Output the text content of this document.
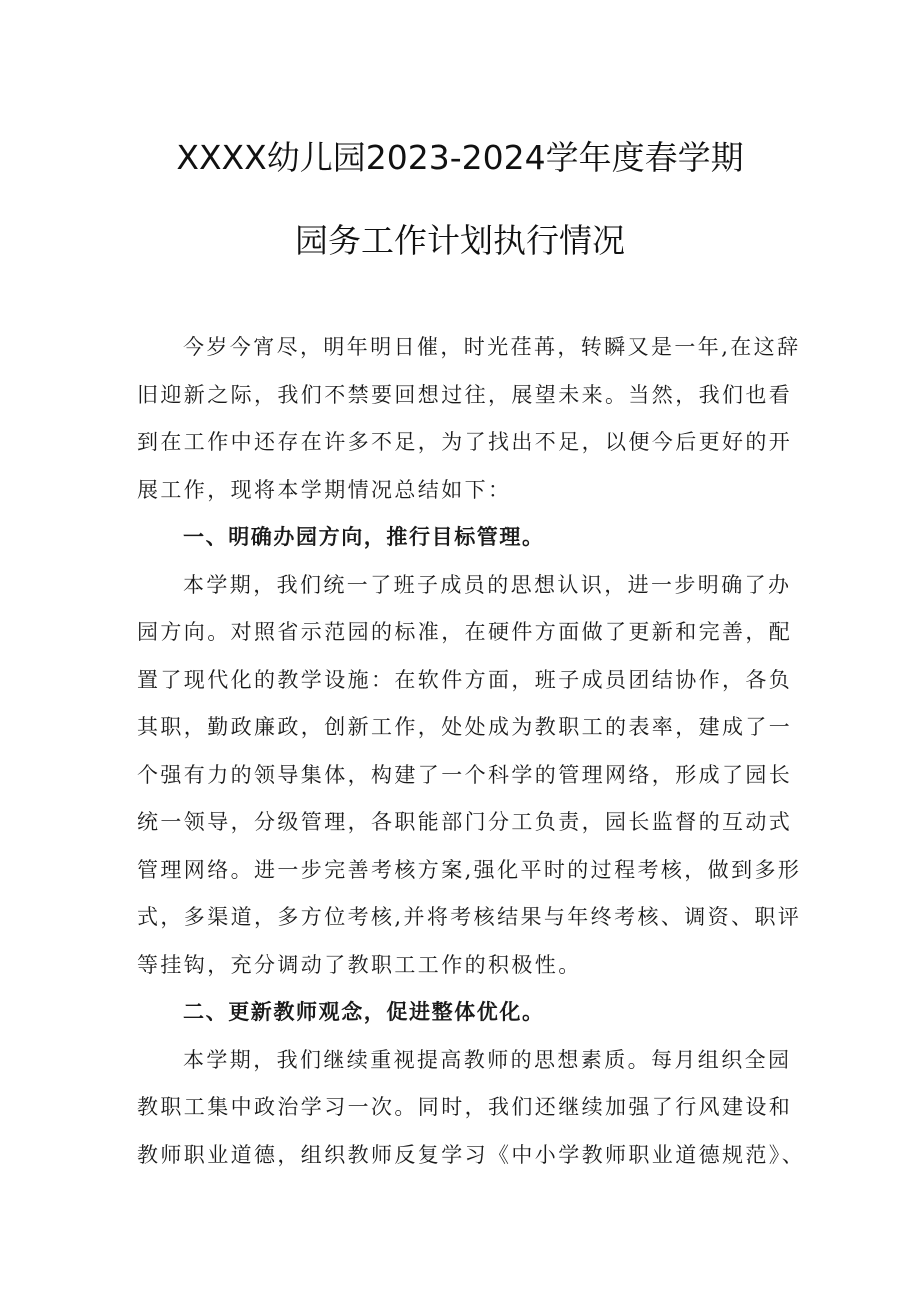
XXXX幼儿园2023-2024学年度春学期
园务工作计划执行情况
今岁今宵尽，明年明日催，时光荏苒，转瞬又是一年,在这辞
旧迎新之际，我们不禁要回想过往，展望未来。当然，我们也看
到在工作中还存在许多不足，为了找出不足，以便今后更好的开
展工作，现将本学期情况总结如下：
一、明确办园方向，推行目标管理。
本学期，我们统一了班子成员的思想认识，进一步明确了办
园方向。对照省示范园的标准，在硬件方面做了更新和完善，配
置了现代化的教学设施：在软件方面，班子成员团结协作，各负
其职，勤政廉政，创新工作，处处成为教职工的表率，建成了一
个强有力的领导集体，构建了一个科学的管理网络，形成了园长
统一领导，分级管理，各职能部门分工负责，园长监督的互动式
管理网络。进一步完善考核方案,强化平时的过程考核，做到多形
式，多渠道，多方位考核,并将考核结果与年终考核、调资、职评
等挂钩，充分调动了教职工工作的积极性。
二、更新教师观念，促进整体优化。
本学期，我们继续重视提高教师的思想素质。每月组织全园
教职工集中政治学习一次。同时，我们还继续加强了行风建设和
教师职业道德，组织教师反复学习《中小学教师职业道德规范》、
